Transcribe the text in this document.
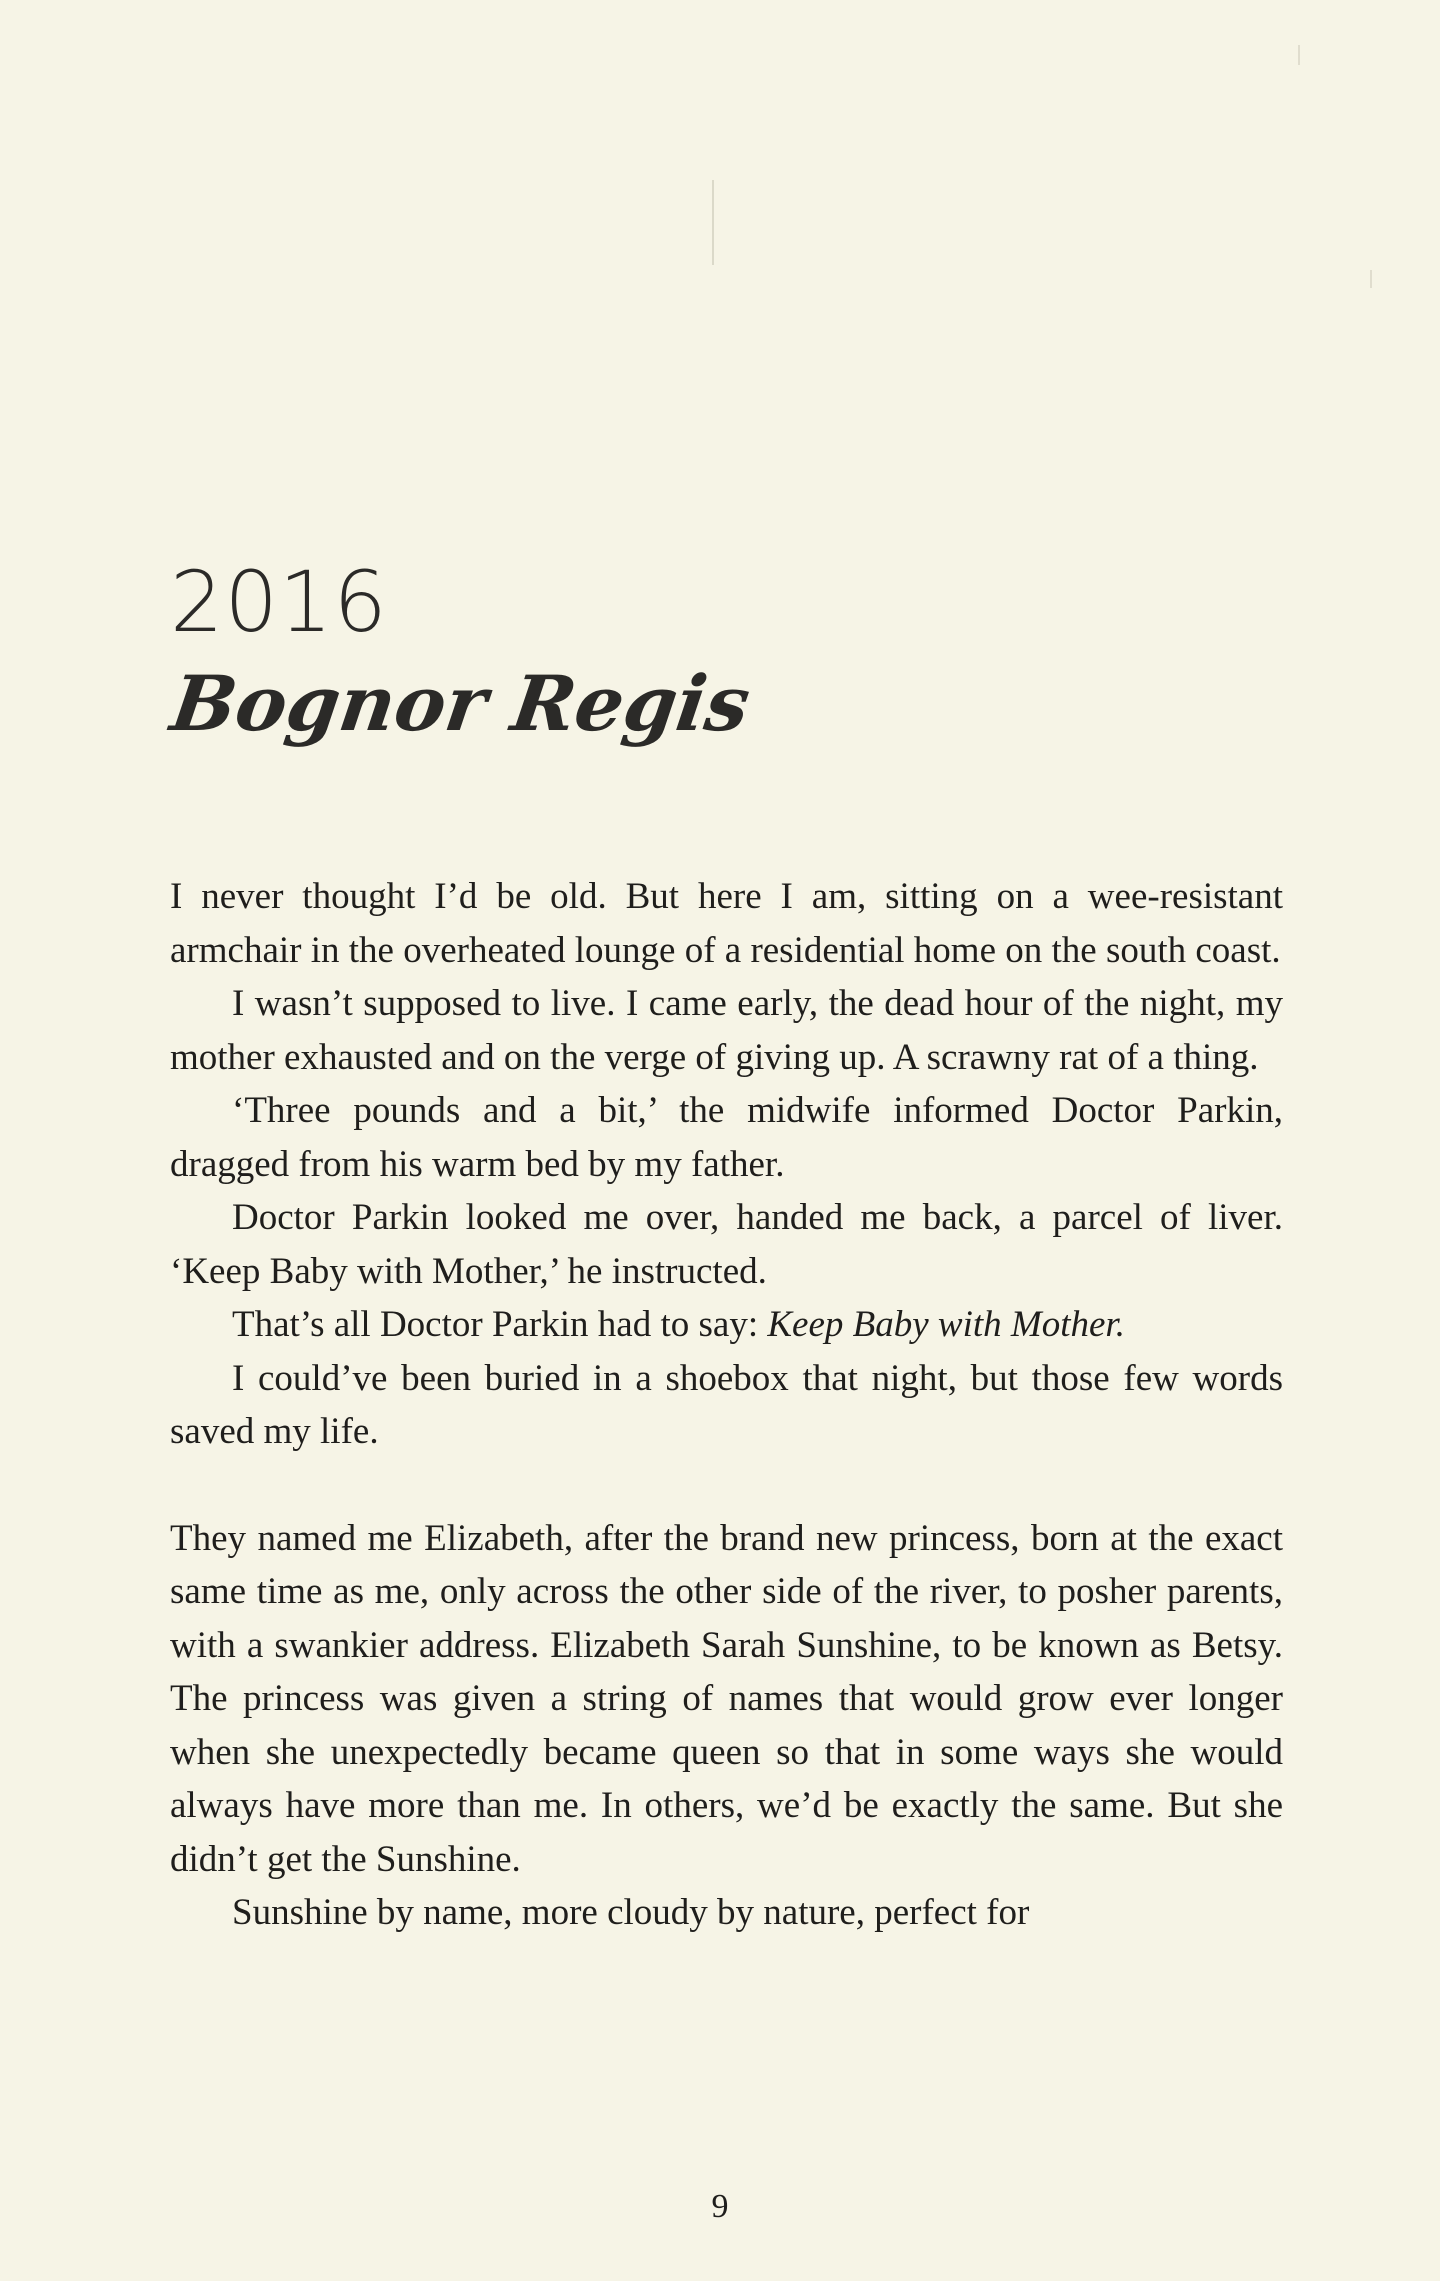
2016
Bognor Regis

I never thought I’d be old. But here I am, sitting on a wee-resistant armchair in the overheated lounge of a residential home on the south coast.

I wasn’t supposed to live. I came early, the dead hour of the night, my mother exhausted and on the verge of giving up. A scrawny rat of a thing.

‘Three pounds and a bit,’ the midwife informed Doctor Parkin, dragged from his warm bed by my father.

Doctor Parkin looked me over, handed me back, a parcel of liver. ‘Keep Baby with Mother,’ he instructed.

That’s all Doctor Parkin had to say: Keep Baby with Mother.

I could’ve been buried in a shoebox that night, but those few words saved my life.

They named me Elizabeth, after the brand new princess, born at the exact same time as me, only across the other side of the river, to posher parents, with a swankier address. Elizabeth Sarah Sunshine, to be known as Betsy. The princess was given a string of names that would grow ever longer when she unexpectedly became queen so that in some ways she would always have more than me. In others, we’d be exactly the same. But she didn’t get the Sunshine.

Sunshine by name, more cloudy by nature, perfect for

9
